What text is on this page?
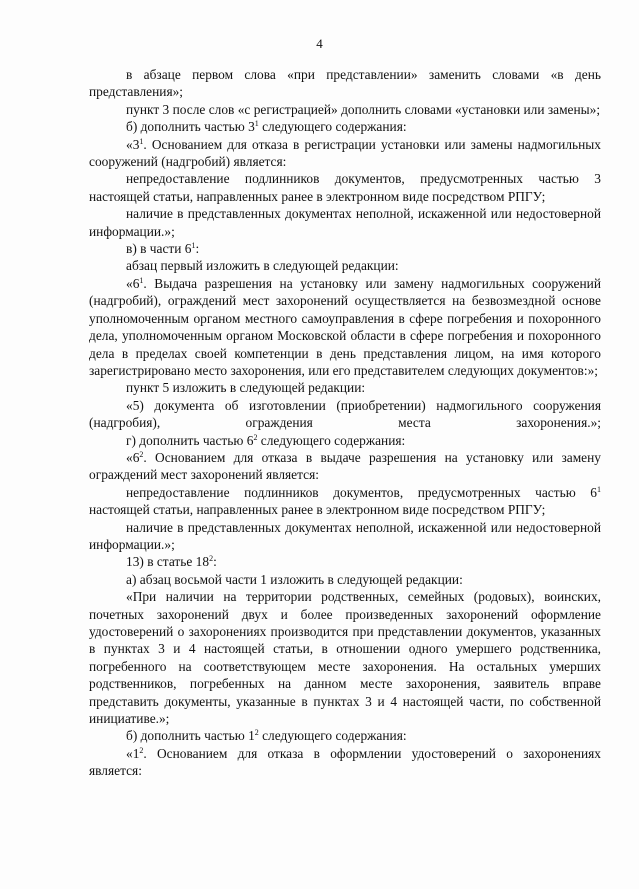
4

в абзаце первом слова «при представлении» заменить словами «в день представления»;

пункт 3 после слов «с регистрацией» дополнить словами «установки или замены»;

б) дополнить частью $3^1$ следующего содержания:

«$3^1$. Основанием для отказа в регистрации установки или замены надмогильных сооружений (надгробий) является:

непредоставление подлинников документов, предусмотренных частью 3 настоящей статьи, направленных ранее в электронном виде посредством РПГУ;

наличие в представленных документах неполной, искаженной или недостоверной информации.»;

в) в части $6^1$:

абзац первый изложить в следующей редакции:

«$6^1$. Выдача разрешения на установку или замену надмогильных сооружений (надгробий), ограждений мест захоронений осуществляется на безвозмездной основе уполномоченным органом местного самоуправления в сфере погребения и похоронного дела, уполномоченным органом Московской области в сфере погребения и похоронного дела в пределах своей компетенции в день представления лицом, на имя которого зарегистрировано место захоронения, или его представителем следующих документов:»;

пункт 5 изложить в следующей редакции:

«5) документа об изготовлении (приобретении) надмогильного сооружения (надгробия), ограждения места захоронения.»;

г) дополнить частью $6^2$ следующего содержания:

«$6^2$. Основанием для отказа в выдаче разрешения на установку или замену ограждений мест захоронений является:

непредоставление подлинников документов, предусмотренных частью $6^1$ настоящей статьи, направленных ранее в электронном виде посредством РПГУ;

наличие в представленных документах неполной, искаженной или недостоверной информации.»;

13) в статье $18^2$:

а) абзац восьмой части 1 изложить в следующей редакции:

«При наличии на территории родственных, семейных (родовых), воинских, почетных захоронений двух и более произведенных захоронений оформление удостоверений о захоронениях производится при представлении документов, указанных в пунктах 3 и 4 настоящей статьи, в отношении одного умершего родственника, погребенного на соответствующем месте захоронения. На остальных умерших родственников, погребенных на данном месте захоронения, заявитель вправе представить документы, указанные в пунктах 3 и 4 настоящей части, по собственной инициативе.»;

б) дополнить частью $1^2$ следующего содержания:

«$1^2$. Основанием для отказа в оформлении удостоверений о захоронениях является:
